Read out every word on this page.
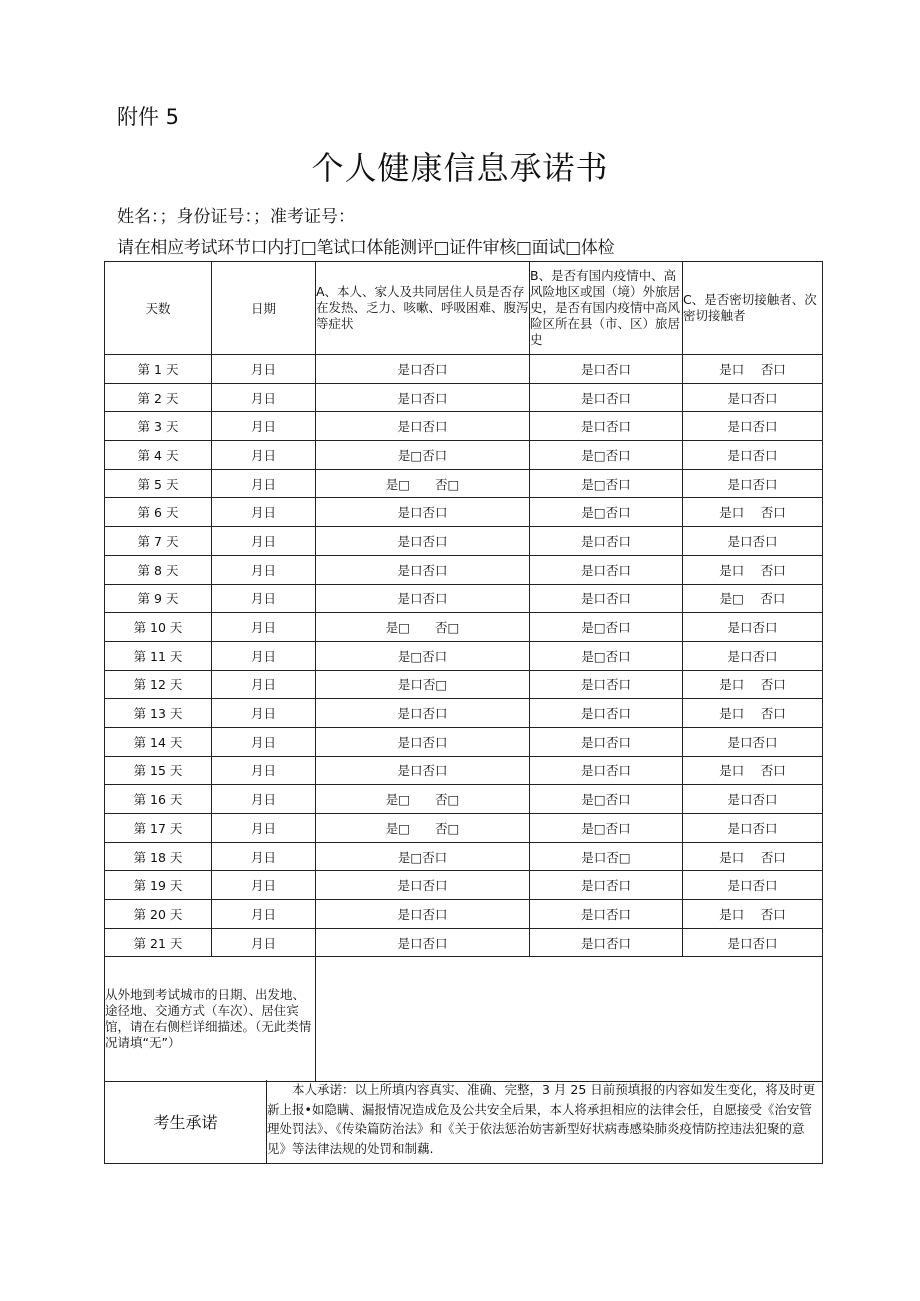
附件 5
个人健康信息承诺书
姓名：；身份证号：；准考证号：
请在相应考试环节口内打□笔试口体能测评□证件审核□面试□体检
天数	日期	A、本人、家人及共同居住人员是否存在发热、乏力、咳嗽、呼吸困难、腹泻等症状	B、是否有国内疫情中、高风险地区或国（境）外旅居史，是否有国内疫情中高风险区所在县（市、区）旅居史	C、是否密切接触者、次密切接触者
第 1 天	月日	是口否口	是口否口	是口　 否口
第 2 天	月日	是口否口	是口否口	是口否口
第 3 天	月日	是口否口	是口否口	是口否口
第 4 天	月日	是□否口	是□否口	是口否口
第 5 天	月日	是□　　否□	是□否口	是口否口
第 6 天	月日	是口否口	是□否口	是口　 否口
第 7 天	月日	是口否口	是口否口	是口否口
第 8 天	月日	是口否口	是口否口	是口　 否口
第 9 天	月日	是口否口	是口否口	是□　 否口
第 10 天	月日	是□　　否□	是□否口	是口否口
第 11 天	月日	是□否口	是□否口	是口否口
第 12 天	月日	是口否□	是口否口	是口　 否口
第 13 天	月日	是口否口	是口否口	是口　 否口
第 14 天	月日	是口否口	是口否口	是口否口
第 15 天	月日	是口否口	是口否口	是口　 否口
第 16 天	月日	是□　　否□	是□否口	是口否口
第 17 天	月日	是□　　否□	是□否口	是口否口
第 18 天	月日	是□否口	是口否□	是口　 否口
第 19 天	月日	是口否口	是口否口	是口否口
第 20 天	月日	是口否口	是口否口	是口　 否口
第 21 天	月日	是口否口	是口否口	是口否口
从外地到考试城市的日期、出发地、途径地、交通方式（车次）、居住宾馆，请在右侧栏详细描述。（无此类情况请填“无”）				
考生承诺	本人承诺：以上所填内容真实、准确、完整，3 月 25 日前预填报的内容如发生变化，将及时更新上报•如隐瞒、漏报情况造成危及公共安全后果，本人将承担相应的法律会任，自愿接受《治安管理处罚法》、《传染篇防治法》和《关于依法惩治妨害新型好状病毒感染肺炎疫情防控违法犯聚的意见》等法律法规的处罚和制藕.
